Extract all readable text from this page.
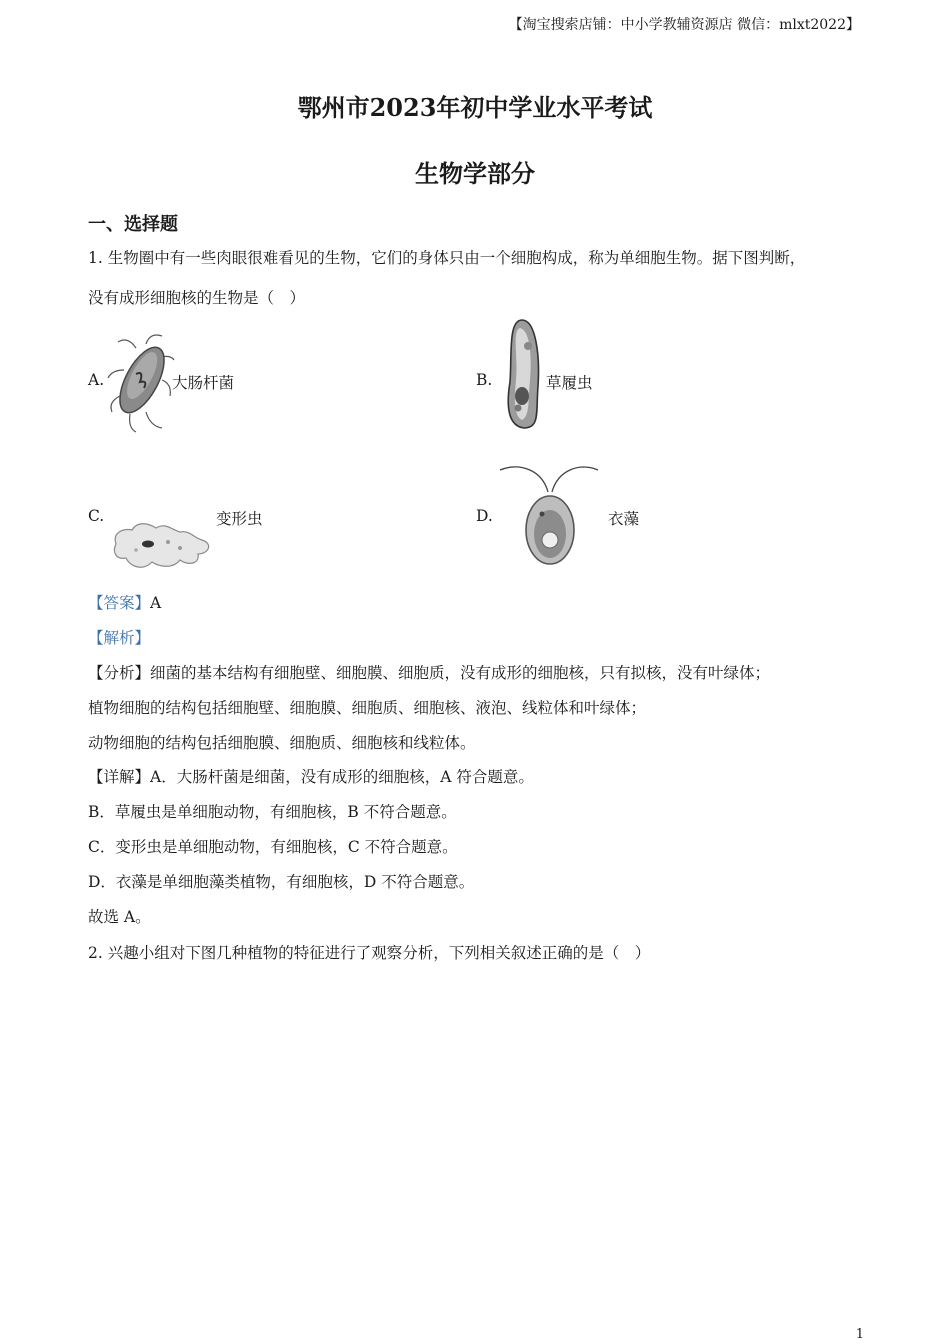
【淘宝搜索店铺：中小学教辅资源店 微信：mlxt2022】
鄂州市2023年初中学业水平考试
生物学部分
一、选择题
1. 生物圈中有一些肉眼很难看见的生物，它们的身体只由一个细胞构成，称为单细胞生物。据下图判断，
没有成形细胞核的生物是（　）
A.	大肠杆菌	B.	草履虫
C.	变形虫	D.	衣藻
【答案】A
【解析】
【分析】细菌的基本结构有细胞壁、细胞膜、细胞质，没有成形的细胞核，只有拟核，没有叶绿体；
植物细胞的结构包括细胞壁、细胞膜、细胞质、细胞核、液泡、线粒体和叶绿体；
动物细胞的结构包括细胞膜、细胞质、细胞核和线粒体。
【详解】A．大肠杆菌是细菌，没有成形的细胞核，A 符合题意。
B．草履虫是单细胞动物，有细胞核，B 不符合题意。
C．变形虫是单细胞动物，有细胞核，C 不符合题意。
D．衣藻是单细胞藻类植物，有细胞核，D 不符合题意。
故选 A。
2. 兴趣小组对下图几种植物的特征进行了观察分析，下列相关叙述正确的是（　）
1
